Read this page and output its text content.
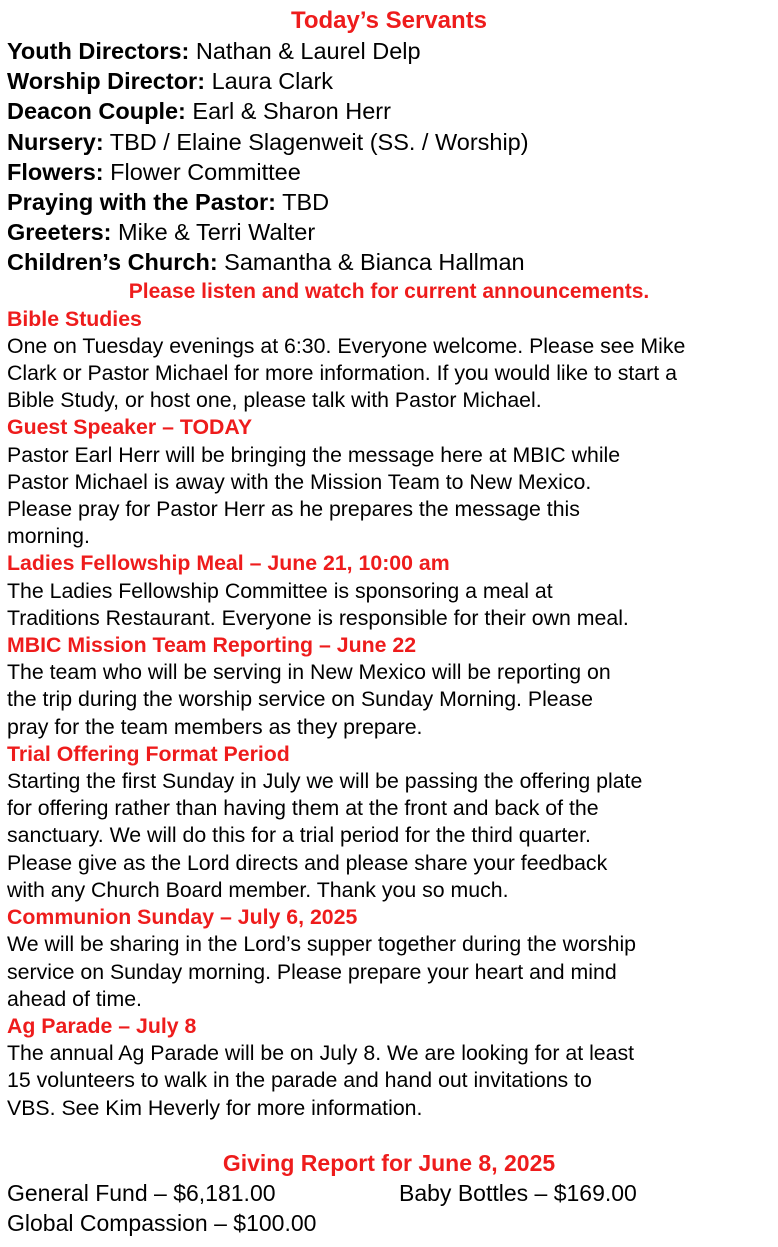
Today’s Servants
Youth Directors: Nathan & Laurel Delp
Worship Director: Laura Clark
Deacon Couple: Earl & Sharon Herr
Nursery: TBD / Elaine Slagenweit (SS. / Worship)
Flowers: Flower Committee
Praying with the Pastor: TBD
Greeters: Mike & Terri Walter
Children’s Church: Samantha & Bianca Hallman
Please listen and watch for current announcements.
Bible Studies
One on Tuesday evenings at 6:30. Everyone welcome. Please see Mike
Clark or Pastor Michael for more information. If you would like to start a
Bible Study, or host one, please talk with Pastor Michael.
Guest Speaker – TODAY
Pastor Earl Herr will be bringing the message here at MBIC while
Pastor Michael is away with the Mission Team to New Mexico.
Please pray for Pastor Herr as he prepares the message this
morning.
Ladies Fellowship Meal – June 21, 10:00 am
The Ladies Fellowship Committee is sponsoring a meal at
Traditions Restaurant. Everyone is responsible for their own meal.
MBIC Mission Team Reporting – June 22
The team who will be serving in New Mexico will be reporting on
the trip during the worship service on Sunday Morning. Please
pray for the team members as they prepare.
Trial Offering Format Period
Starting the first Sunday in July we will be passing the offering plate
for offering rather than having them at the front and back of the
sanctuary. We will do this for a trial period for the third quarter.
Please give as the Lord directs and please share your feedback
with any Church Board member. Thank you so much.
Communion Sunday – July 6, 2025
We will be sharing in the Lord’s supper together during the worship
service on Sunday morning. Please prepare your heart and mind
ahead of time.
Ag Parade – July 8
The annual Ag Parade will be on July 8. We are looking for at least
15 volunteers to walk in the parade and hand out invitations to
VBS. See Kim Heverly for more information.
Giving Report for June 8, 2025
General Fund – $6,181.00	Baby Bottles – $169.00
Global Compassion – $100.00
